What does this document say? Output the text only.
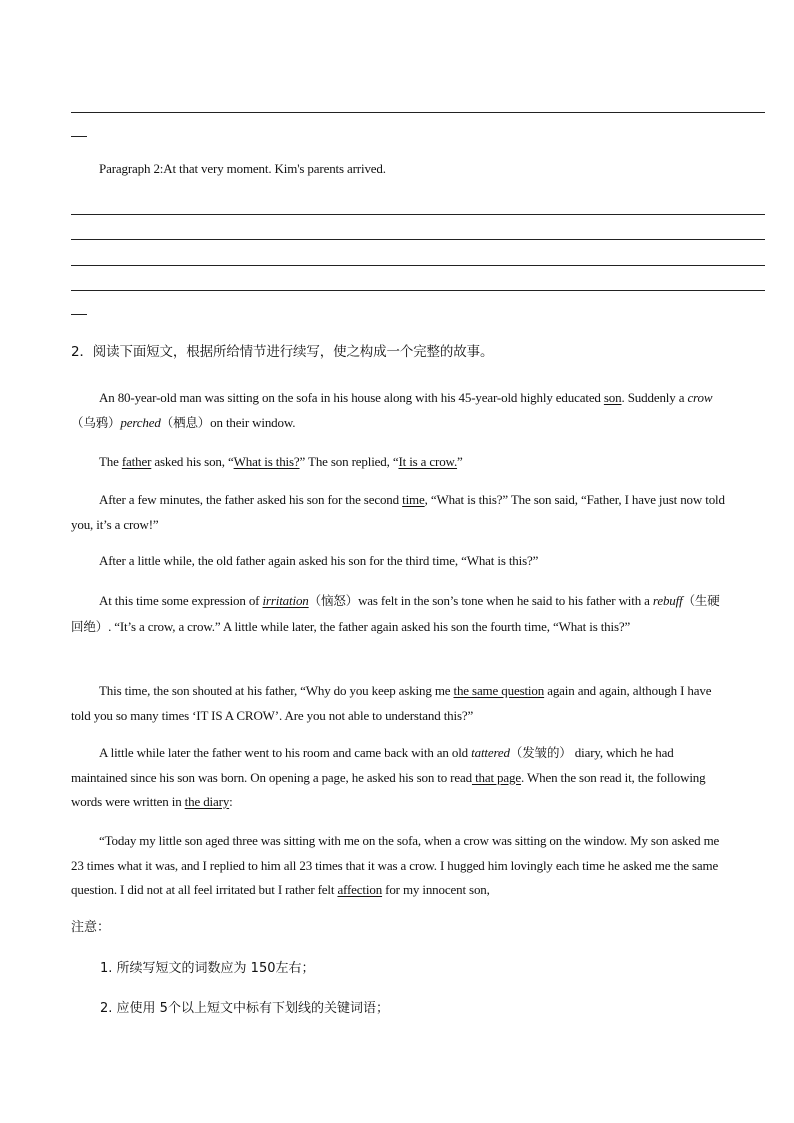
Paragraph 2:At that very moment. Kim's parents arrived.

2．阅读下面短文，根据所给情节进行续写，使之构成一个完整的故事。

An 80-year-old man was sitting on the sofa in his house along with his 45-year-old highly educated son. Suddenly a crow（乌鸦）perched（栖息）on their window.

The father asked his son, “What is this?” The son replied, “It is a crow.”

After a few minutes, the father asked his son for the second time, “What is this?” The son said, “Father, I have just now told you, it’s a crow!”

After a little while, the old father again asked his son for the third time, “What is this?”

At this time some expression of irritation（恼怒）was felt in the son’s tone when he said to his father with a rebuff（生硬回绝）. “It’s a crow, a crow.” A little while later, the father again asked his son the fourth time, “What is this?”

This time, the son shouted at his father, “Why do you keep asking me the same question again and again, although I have told you so many times ‘IT IS A CROW’. Are you not able to understand this?”

A little while later the father went to his room and came back with an old tattered（发皱的） diary, which he had maintained since his son was born. On opening a page, he asked his son to read that page. When the son read it, the following words were written in the diary:

“Today my little son aged three was sitting with me on the sofa, when a crow was sitting on the window. My son asked me 23 times what it was, and I replied to him all 23 times that it was a crow. I hugged him lovingly each time he asked me the same question. I did not at all feel irritated but I rather felt affection for my innocent son,

注意：

1. 所续写短文的词数应为 150左右；

2. 应使用 5个以上短文中标有下划线的关键词语；
